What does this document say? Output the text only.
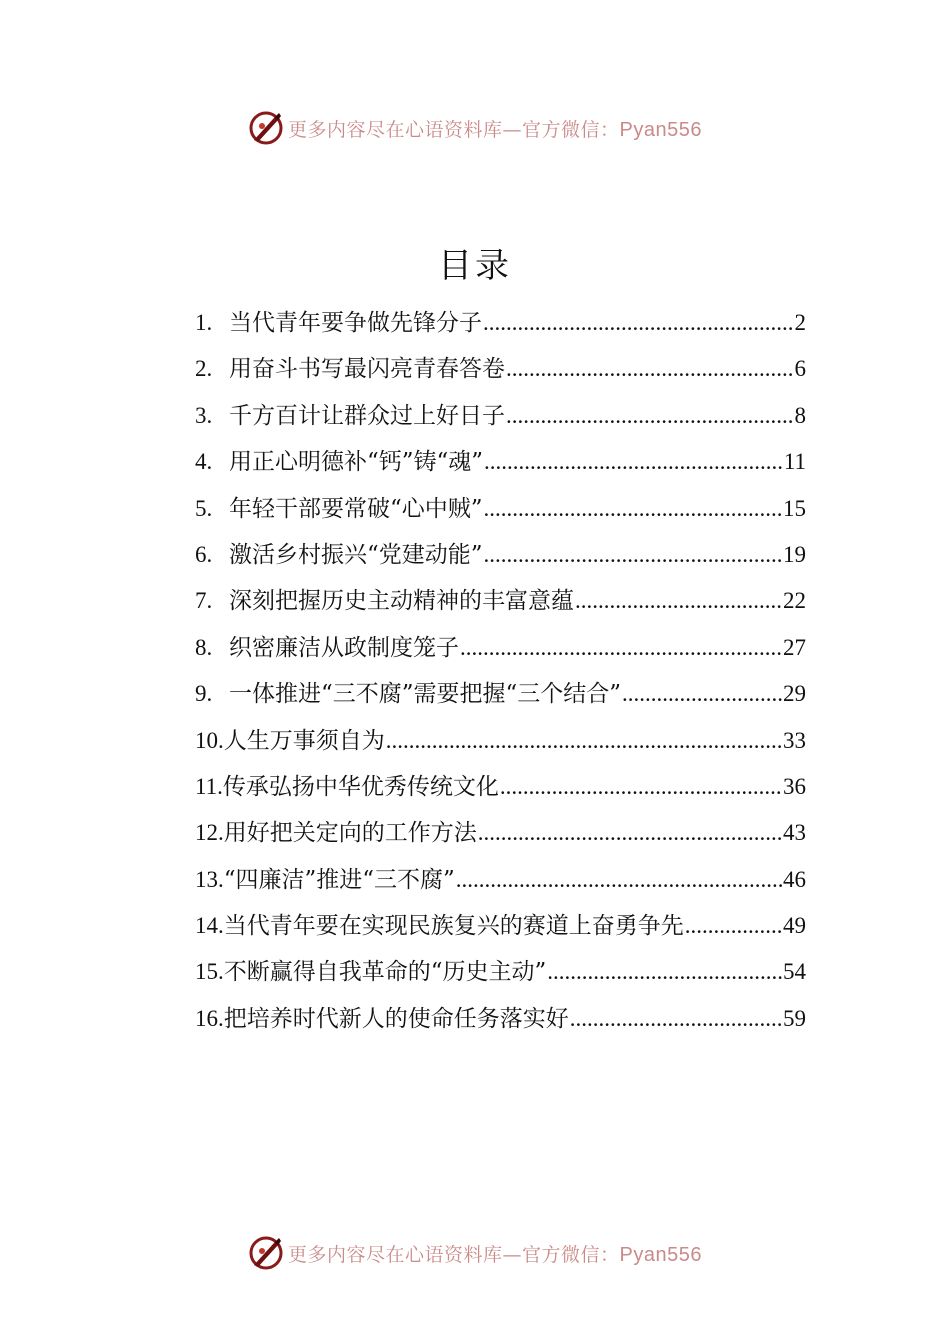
更多内容尽在心语资料库—官方微信：Pyan556
目录
1. 当代青年要争做先锋分子 .....	2
2. 用奋斗书写最闪亮青春答卷 .....	6
3. 千方百计让群众过上好日子 .....	8
4. 用正心明德补“钙”铸“魂” .....	11
5. 年轻干部要常破“心中贼” .....	15
6. 激活乡村振兴“党建动能” .....	19
7. 深刻把握历史主动精神的丰富意蕴 .....	22
8. 织密廉洁从政制度笼子 .....	27
9. 一体推进“三不腐”需要把握“三个结合” .....	29
10. 人生万事须自为 .....	33
11. 传承弘扬中华优秀传统文化 .....	36
12. 用好把关定向的工作方法 .....	43
13. “四廉洁”推进“三不腐” .....	46
14. 当代青年要在实现民族复兴的赛道上奋勇争先 .....	49
15. 不断赢得自我革命的“历史主动” .....	54
16. 把培养时代新人的使命任务落实好 .....	59
更多内容尽在心语资料库—官方微信：Pyan556
